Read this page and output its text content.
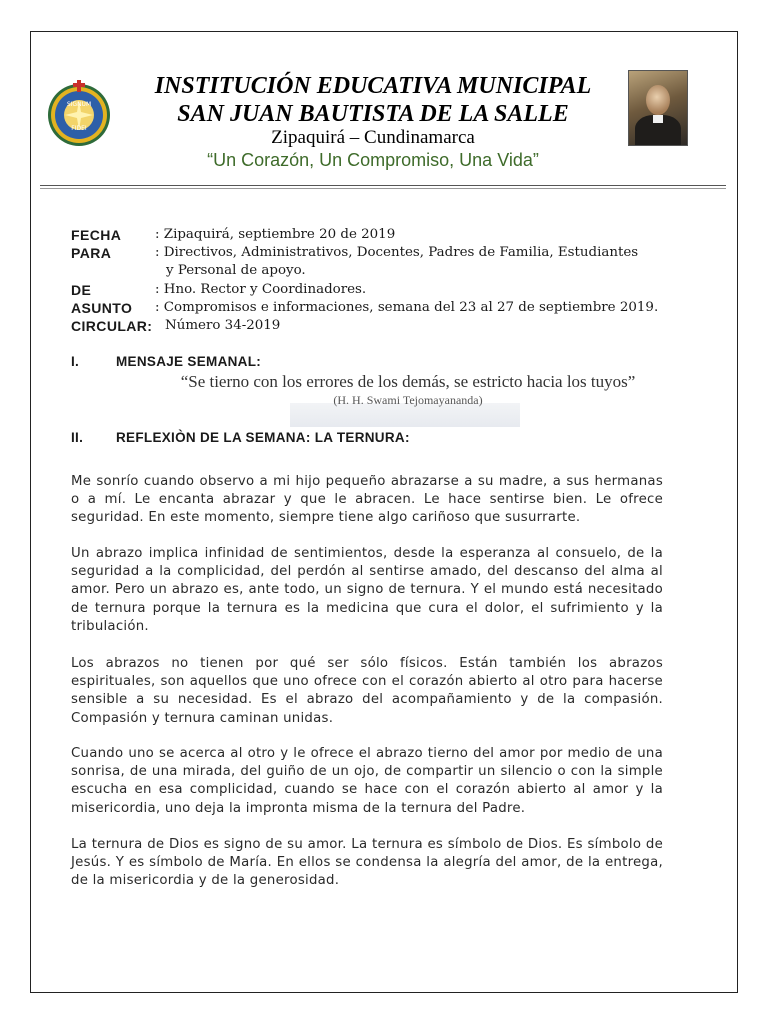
SIGNUM
FIDEI
INSTITUCIÓN EDUCATIVA MUNICIPAL
SAN JUAN BAUTISTA DE LA SALLE
Zipaquirá – Cundinamarca
“Un Corazón, Un Compromiso, Una Vida”
FECHA	: Zipaquirá, septiembre 20 de 2019
PARA	: Directivos, Administrativos, Docentes, Padres de Familia, Estudiantes
y Personal de apoyo.
DE	: Hno. Rector y Coordinadores.
ASUNTO	: Compromisos e informaciones, semana del 23 al 27 de septiembre 2019.
CIRCULAR: Número 34-2019
I.	MENSAJE SEMANAL:
“Se tierno con los errores de los demás, se estricto hacia los tuyos”
(H. H. Swami Tejomayananda)
II. REFLEXIÒN DE LA SEMANA: LA TERNURA:
Me sonrío cuando observo a mi hijo pequeño abrazarse a su madre, a sus hermanas o a mí. Le encanta abrazar y que le abracen. Le hace sentirse bien. Le ofrece seguridad. En este momento, siempre tiene algo cariñoso que susurrarte.
Un abrazo implica infinidad de sentimientos, desde la esperanza al consuelo, de la seguridad a la complicidad, del perdón al sentirse amado, del descanso del alma al amor. Pero un abrazo es, ante todo, un signo de ternura. Y el mundo está necesitado de ternura porque la ternura es la medicina que cura el dolor, el sufrimiento y la tribulación.
Los abrazos no tienen por qué ser sólo físicos. Están también los abrazos espirituales, son aquellos que uno ofrece con el corazón abierto al otro para hacerse sensible a su necesidad. Es el abrazo del acompañamiento y de la compasión. Compasión y ternura caminan unidas.
Cuando uno se acerca al otro y le ofrece el abrazo tierno del amor por medio de una sonrisa, de una mirada, del guiño de un ojo, de compartir un silencio o con la simple escucha en esa complicidad, cuando se hace con el corazón abierto al amor y la misericordia, uno deja la impronta misma de la ternura del Padre.
La ternura de Dios es signo de su amor. La ternura es símbolo de Dios. Es símbolo de Jesús. Y es símbolo de María. En ellos se condensa la alegría del amor, de la entrega, de la misericordia y de la generosidad.
